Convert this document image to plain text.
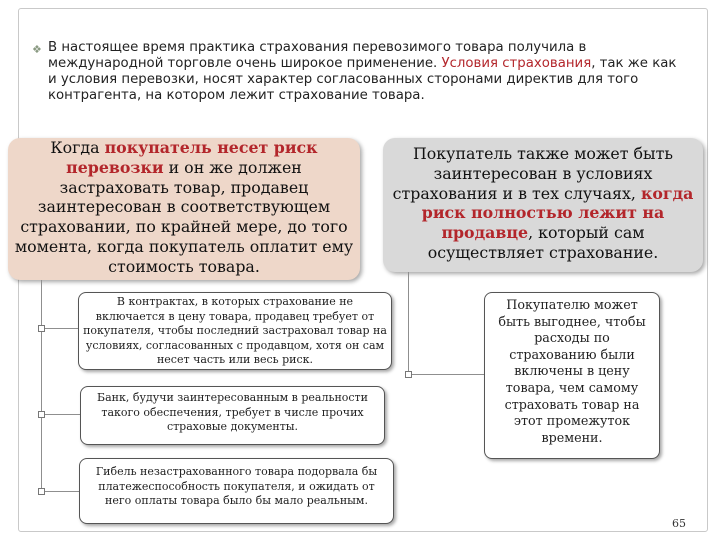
❖ В настоящее время практика страхования перевозимого товара получила в международной торговле очень широкое применение. Условия страхования, так же как и условия перевозки, носят характер согласованных сторонами директив для того контрагента, на котором лежит страхование товара.
Когда покупатель несет риск перевозки и он же должен застраховать товар, продавец заинтересован в соответствующем страховании, по крайней мере, до того момента, когда покупатель оплатит ему стоимость товара.
Покупатель также может быть заинтересован в условиях страхования и в тех случаях, когда риск полностью лежит на продавце, который сам осуществляет страхование.
В контрактах, в которых страхование не включается в цену товара, продавец требует от покупателя, чтобы последний застраховал товар на условиях, согласованных с продавцом, хотя он сам несет часть или весь риск.
Банк, будучи заинтересованным в реальности такого обеспечения, требует в числе прочих страховые документы.
Гибель незастрахованного товара подорвала бы платежеспособность покупателя, и ожидать от него оплаты товара было бы мало реальным.
Покупателю может быть выгоднее, чтобы расходы по страхованию были включены в цену товара, чем самому страховать товар на этот промежуток времени.
65
